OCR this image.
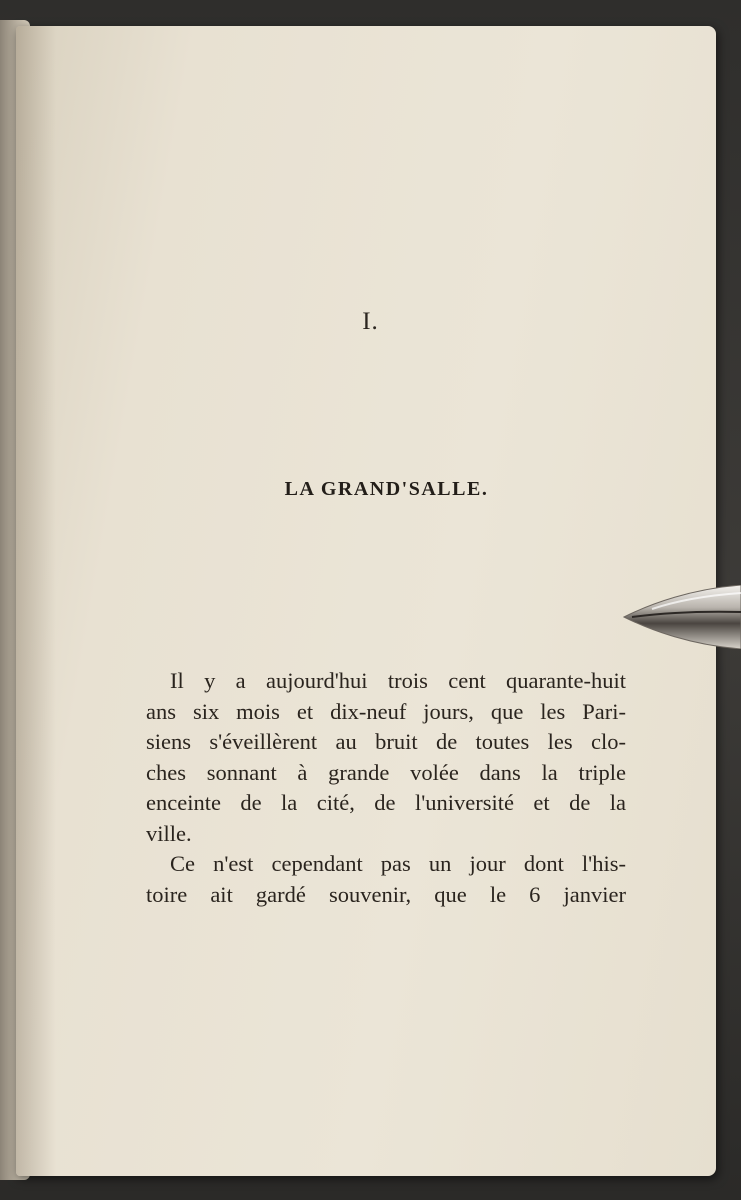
I.
LA GRAND'SALLE.
Il y a aujourd'hui trois cent quarante-huit
ans six mois et dix-neuf jours, que les Pari-
siens s'éveillèrent au bruit de toutes les clo-
ches sonnant à grande volée dans la triple
enceinte de la cité, de l'université et de la
ville.
Ce n'est cependant pas un jour dont l'his-
toire ait gardé souvenir, que le 6 janvier
